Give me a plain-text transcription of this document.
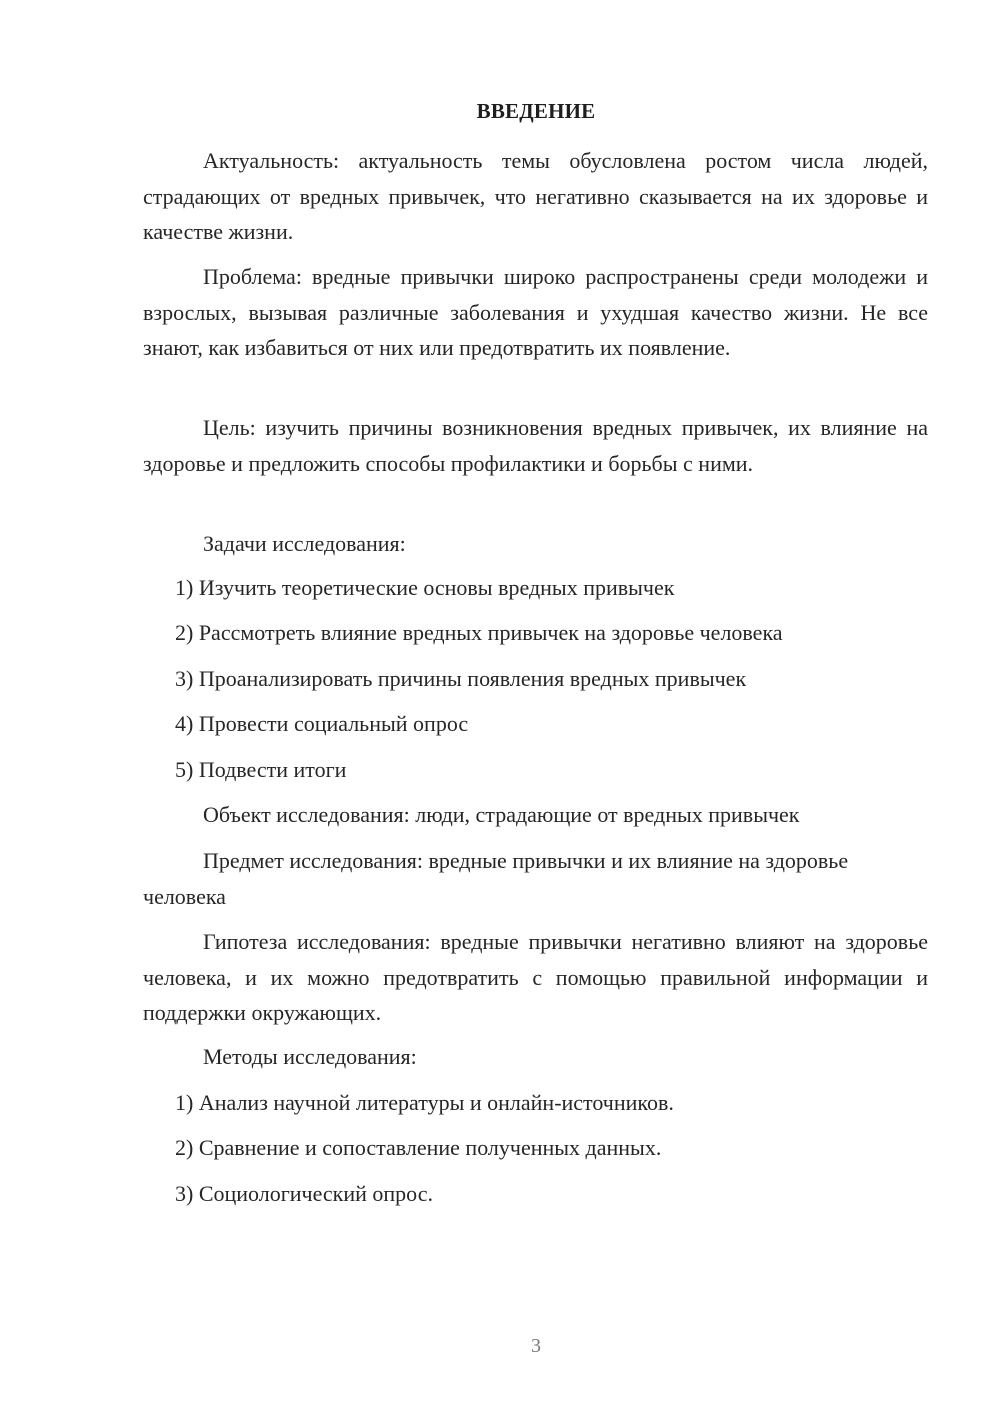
ВВЕДЕНИЕ

Актуальность: актуальность темы обусловлена ростом числа людей, страдающих от вредных привычек, что негативно сказывается на их здоровье и качестве жизни.

Проблема: вредные привычки широко распространены среди молодежи и взрослых, вызывая различные заболевания и ухудшая качество жизни. Не все знают, как избавиться от них или предотвратить их появление.

Цель: изучить причины возникновения вредных привычек, их влияние на здоровье и предложить способы профилактики и борьбы с ними.

Задачи исследования:

1) Изучить теоретические основы вредных привычек

2) Рассмотреть влияние вредных привычек на здоровье человека

3) Проанализировать причины появления вредных привычек

4) Провести социальный опрос

5) Подвести итоги

Объект исследования: люди, страдающие от вредных привычек

Предмет исследования: вредные привычки и их влияние на здоровье человека

Гипотеза исследования: вредные привычки негативно влияют на здоровье человека, и их можно предотвратить с помощью правильной информации и поддержки окружающих.

Методы исследования:

1) Анализ научной литературы и онлайн-источников.

2) Сравнение и сопоставление полученных данных.

3) Социологический опрос.

3
